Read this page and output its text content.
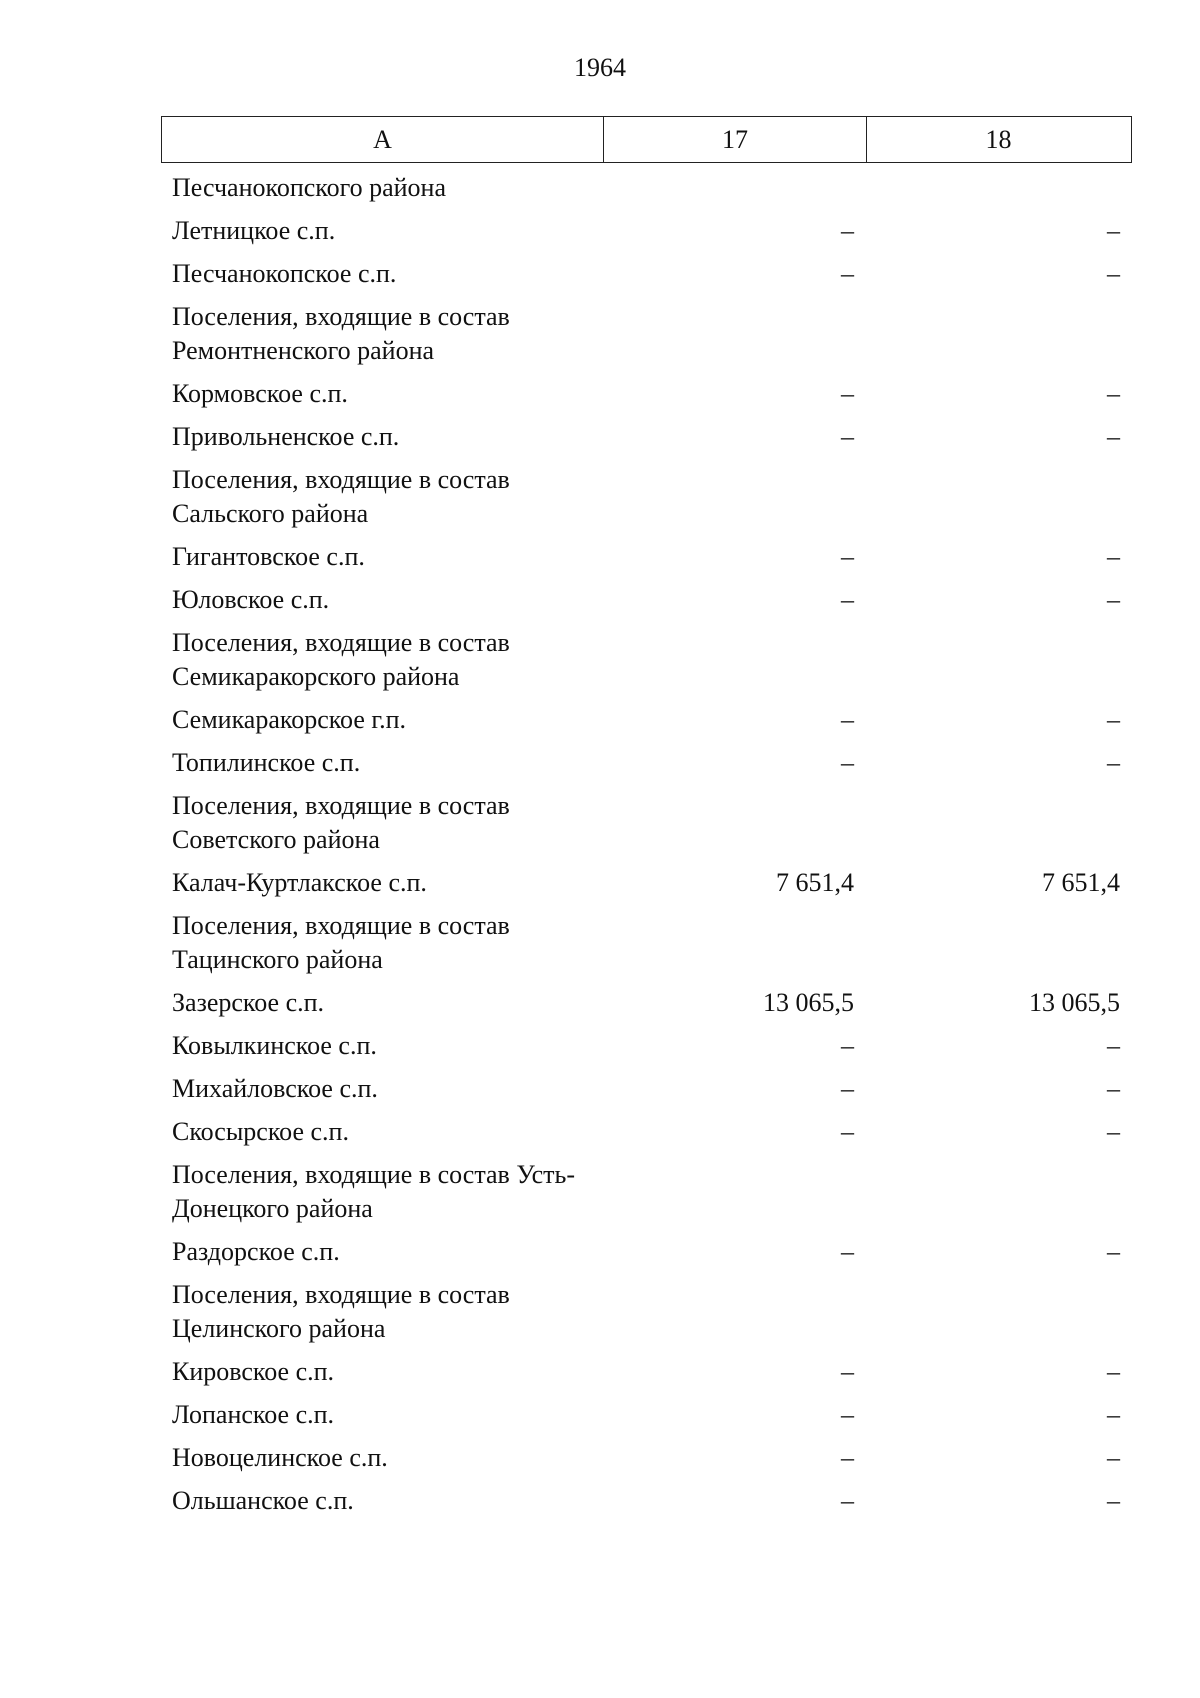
1964
А	17	18
Песчанокопского района
Летницкое с.п.	–	–
Песчанокопское с.п.	–	–
Поселения, входящие в состав Ремонтненского района
Кормовское с.п.	–	–
Привольненское с.п.	–	–
Поселения, входящие в состав Сальского района
Гигантовское с.п.	–	–
Юловское с.п.	–	–
Поселения, входящие в состав Семикаракорского района
Семикаракорское г.п.	–	–
Топилинское с.п.	–	–
Поселения, входящие в состав Советского района
Калач-Куртлакское с.п.	7 651,4	7 651,4
Поселения, входящие в состав Тацинского района
Зазерское с.п.	13 065,5	13 065,5
Ковылкинское с.п.	–	–
Михайловское с.п.	–	–
Скосырское с.п.	–	–
Поселения, входящие в состав Усть-Донецкого района
Раздорское с.п.	–	–
Поселения, входящие в состав Целинского района
Кировское с.п.	–	–
Лопанское с.п.	–	–
Новоцелинское с.п.	–	–
Ольшанское с.п.	–	–
